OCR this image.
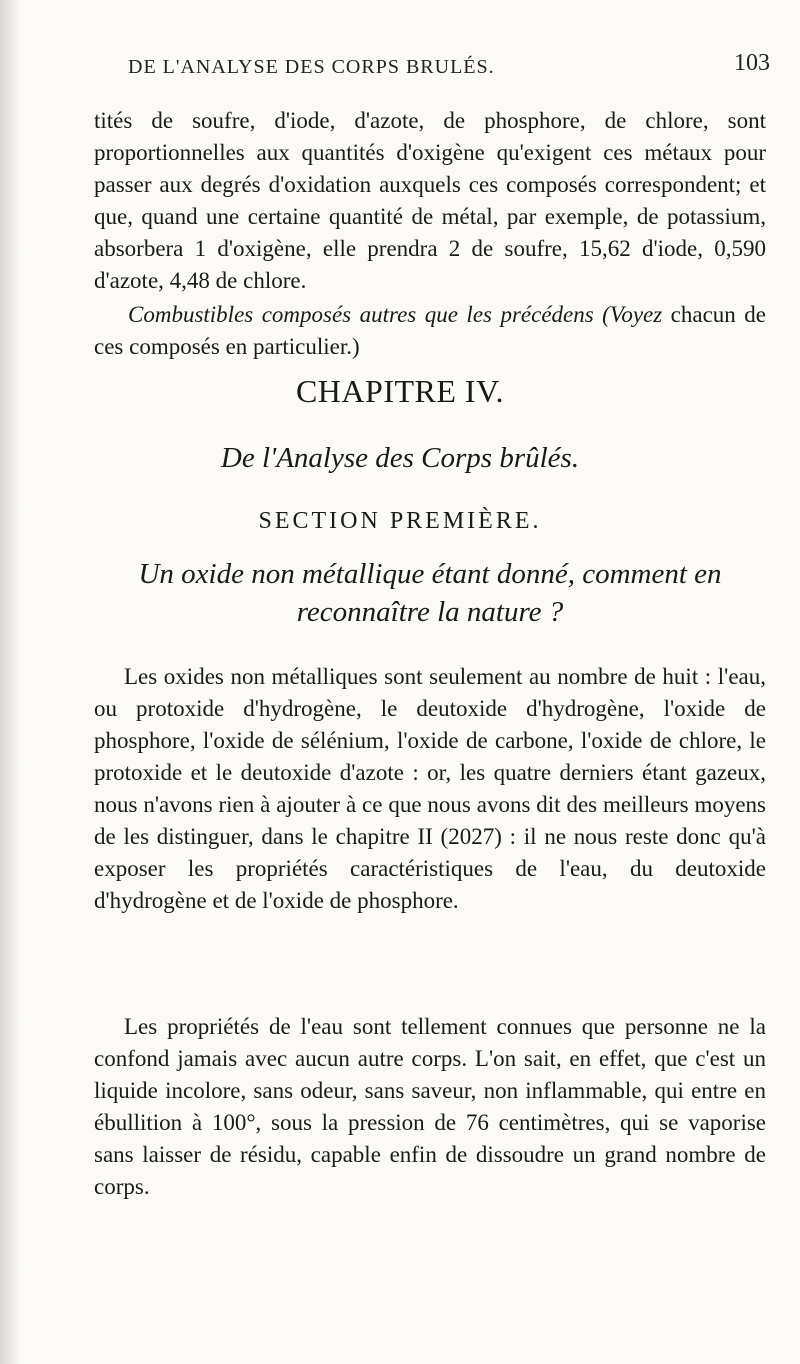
DE L'ANALYSE DES CORPS BRULÉS.	103

tités de soufre, d'iode, d'azote, de phosphore, de chlore, sont proportionnelles aux quantités d'oxigène qu'exigent ces métaux pour passer aux degrés d'oxidation auxquels ces composés correspondent; et que, quand une certaine quantité de métal, par exemple, de potassium, absorbera 1 d'oxigène, elle prendra 2 de soufre, 15,62 d'iode, 0,590 d'azote, 4,48 de chlore.

Combustibles composés autres que les précédens (Voyez chacun de ces composés en particulier.)

CHAPITRE IV.
De l'Analyse des Corps brûlés.
SECTION PREMIÈRE.
Un oxide non métallique étant donné, comment en reconnaître la nature ?

Les oxides non métalliques sont seulement au nombre de huit : l'eau, ou protoxide d'hydrogène, le deutoxide d'hydrogène, l'oxide de phosphore, l'oxide de sélénium, l'oxide de carbone, l'oxide de chlore, le protoxide et le deutoxide d'azote : or, les quatre derniers étant gazeux, nous n'avons rien à ajouter à ce que nous avons dit des meilleurs moyens de les distinguer, dans le chapitre II (2027) : il ne nous reste donc qu'à exposer les propriétés caractéristiques de l'eau, du deutoxide d'hydrogène et de l'oxide de phosphore.

Les propriétés de l'eau sont tellement connues que personne ne la confond jamais avec aucun autre corps. L'on sait, en effet, que c'est un liquide incolore, sans odeur, sans saveur, non inflammable, qui entre en ébullition à 100°, sous la pression de 76 centimètres, qui se vaporise sans laisser de résidu, capable enfin de dissoudre un grand nombre de corps.
